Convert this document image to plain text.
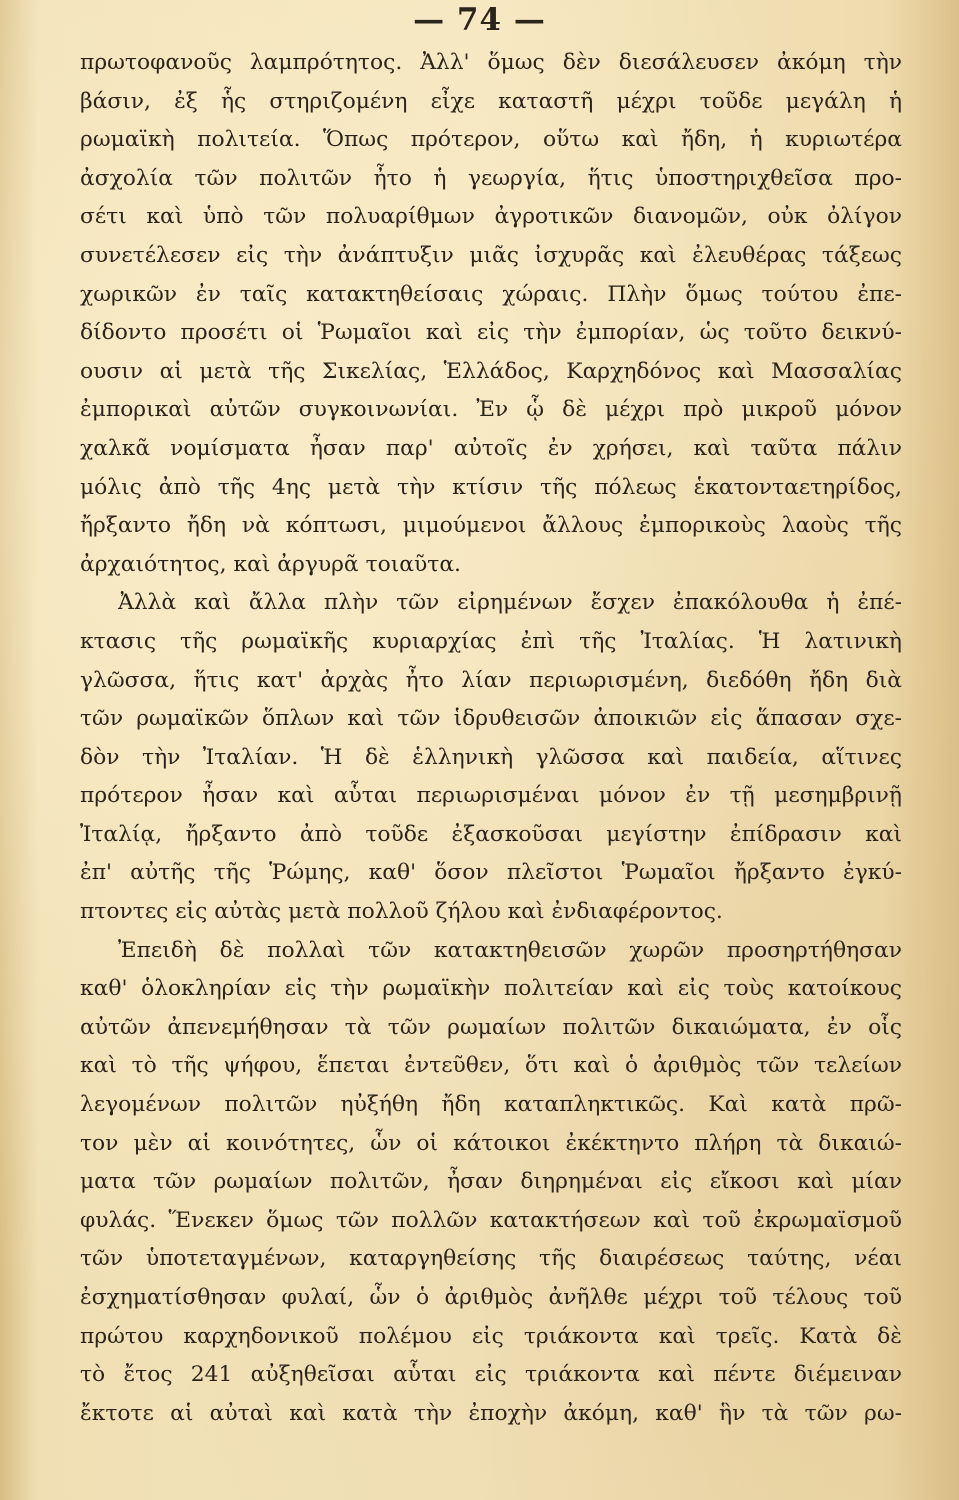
— 74 —
πρωτοφανοῦς λαμπρότητος. Ἀλλ' ὅμως δὲν διεσάλευσεν ἀκόμη τὴν
βάσιν, ἐξ ἧς στηριζομένη εἶχε καταστῆ μέχρι τοῦδε μεγάλη ἡ
ρωμαϊκὴ πολιτεία. Ὅπως πρότερον, οὕτω καὶ ἤδη, ἡ κυριωτέρα
ἀσχολία τῶν πολιτῶν ἦτο ἡ γεωργία, ἥτις ὑποστηριχθεῖσα προ-
σέτι καὶ ὑπὸ τῶν πολυαρίθμων ἀγροτικῶν διανομῶν, οὐκ ὀλίγον
συνετέλεσεν εἰς τὴν ἀνάπτυξιν μιᾶς ἰσχυρᾶς καὶ ἐλευθέρας τάξεως
χωρικῶν ἐν ταῖς κατακτηθείσαις χώραις. Πλὴν ὅμως τούτου ἐπε-
δίδοντο προσέτι οἱ Ῥωμαῖοι καὶ εἰς τὴν ἐμπορίαν, ὡς τοῦτο δεικνύ-
ουσιν αἱ μετὰ τῆς Σικελίας, Ἑλλάδος, Καρχηδόνος καὶ Μασσαλίας
ἐμπορικαὶ αὐτῶν συγκοινωνίαι. Ἐν ᾧ δὲ μέχρι πρὸ μικροῦ μόνον
χαλκᾶ νομίσματα ἦσαν παρ' αὐτοῖς ἐν χρήσει, καὶ ταῦτα πάλιν
μόλις ἀπὸ τῆς 4ης μετὰ τὴν κτίσιν τῆς πόλεως ἑκατονταετηρίδος,
ἤρξαντο ἤδη νὰ κόπτωσι, μιμούμενοι ἄλλους ἐμπορικοὺς λαοὺς τῆς
ἀρχαιότητος, καὶ ἀργυρᾶ τοιαῦτα.
Ἀλλὰ καὶ ἄλλα πλὴν τῶν εἰρημένων ἔσχεν ἐπακόλουθα ἡ ἐπέ-
κτασις τῆς ρωμαϊκῆς κυριαρχίας ἐπὶ τῆς Ἰταλίας. Ἡ λατινικὴ
γλῶσσα, ἥτις κατ' ἀρχὰς ἦτο λίαν περιωρισμένη, διεδόθη ἤδη διὰ
τῶν ρωμαϊκῶν ὅπλων καὶ τῶν ἱδρυθεισῶν ἀποικιῶν εἰς ἅπασαν σχε-
δὸν τὴν Ἰταλίαν. Ἡ δὲ ἑλληνικὴ γλῶσσα καὶ παιδεία, αἵτινες
πρότερον ἦσαν καὶ αὗται περιωρισμέναι μόνον ἐν τῇ μεσημβρινῇ
Ἰταλίᾳ, ἤρξαντο ἀπὸ τοῦδε ἐξασκοῦσαι μεγίστην ἐπίδρασιν καὶ
ἐπ' αὐτῆς τῆς Ῥώμης, καθ' ὅσον πλεῖστοι Ῥωμαῖοι ἤρξαντο ἐγκύ-
πτοντες εἰς αὐτὰς μετὰ πολλοῦ ζήλου καὶ ἐνδιαφέροντος.
Ἐπειδὴ δὲ πολλαὶ τῶν κατακτηθεισῶν χωρῶν προσηρτήθησαν
καθ' ὁλοκληρίαν εἰς τὴν ρωμαϊκὴν πολιτείαν καὶ εἰς τοὺς κατοίκους
αὐτῶν ἀπενεμήθησαν τὰ τῶν ρωμαίων πολιτῶν δικαιώματα, ἐν οἷς
καὶ τὸ τῆς ψήφου, ἕπεται ἐντεῦθεν, ὅτι καὶ ὁ ἀριθμὸς τῶν τελείων
λεγομένων πολιτῶν ηὐξήθη ἤδη καταπληκτικῶς. Καὶ κατὰ πρῶ-
τον μὲν αἱ κοινότητες, ὧν οἱ κάτοικοι ἐκέκτηντο πλήρη τὰ δικαιώ-
ματα τῶν ρωμαίων πολιτῶν, ἦσαν διηρημέναι εἰς εἴκοσι καὶ μίαν
φυλάς. Ἕνεκεν ὅμως τῶν πολλῶν κατακτήσεων καὶ τοῦ ἐκρωμαϊσμοῦ
τῶν ὑποτεταγμένων, καταργηθείσης τῆς διαιρέσεως ταύτης, νέαι
ἐσχηματίσθησαν φυλαί, ὧν ὁ ἀριθμὸς ἀνῆλθε μέχρι τοῦ τέλους τοῦ
πρώτου καρχηδονικοῦ πολέμου εἰς τριάκοντα καὶ τρεῖς. Κατὰ δὲ
τὸ ἔτος 241 αὐξηθεῖσαι αὗται εἰς τριάκοντα καὶ πέντε διέμειναν
ἔκτοτε αἱ αὐταὶ καὶ κατὰ τὴν ἐποχὴν ἀκόμη, καθ' ἣν τὰ τῶν ρω-
